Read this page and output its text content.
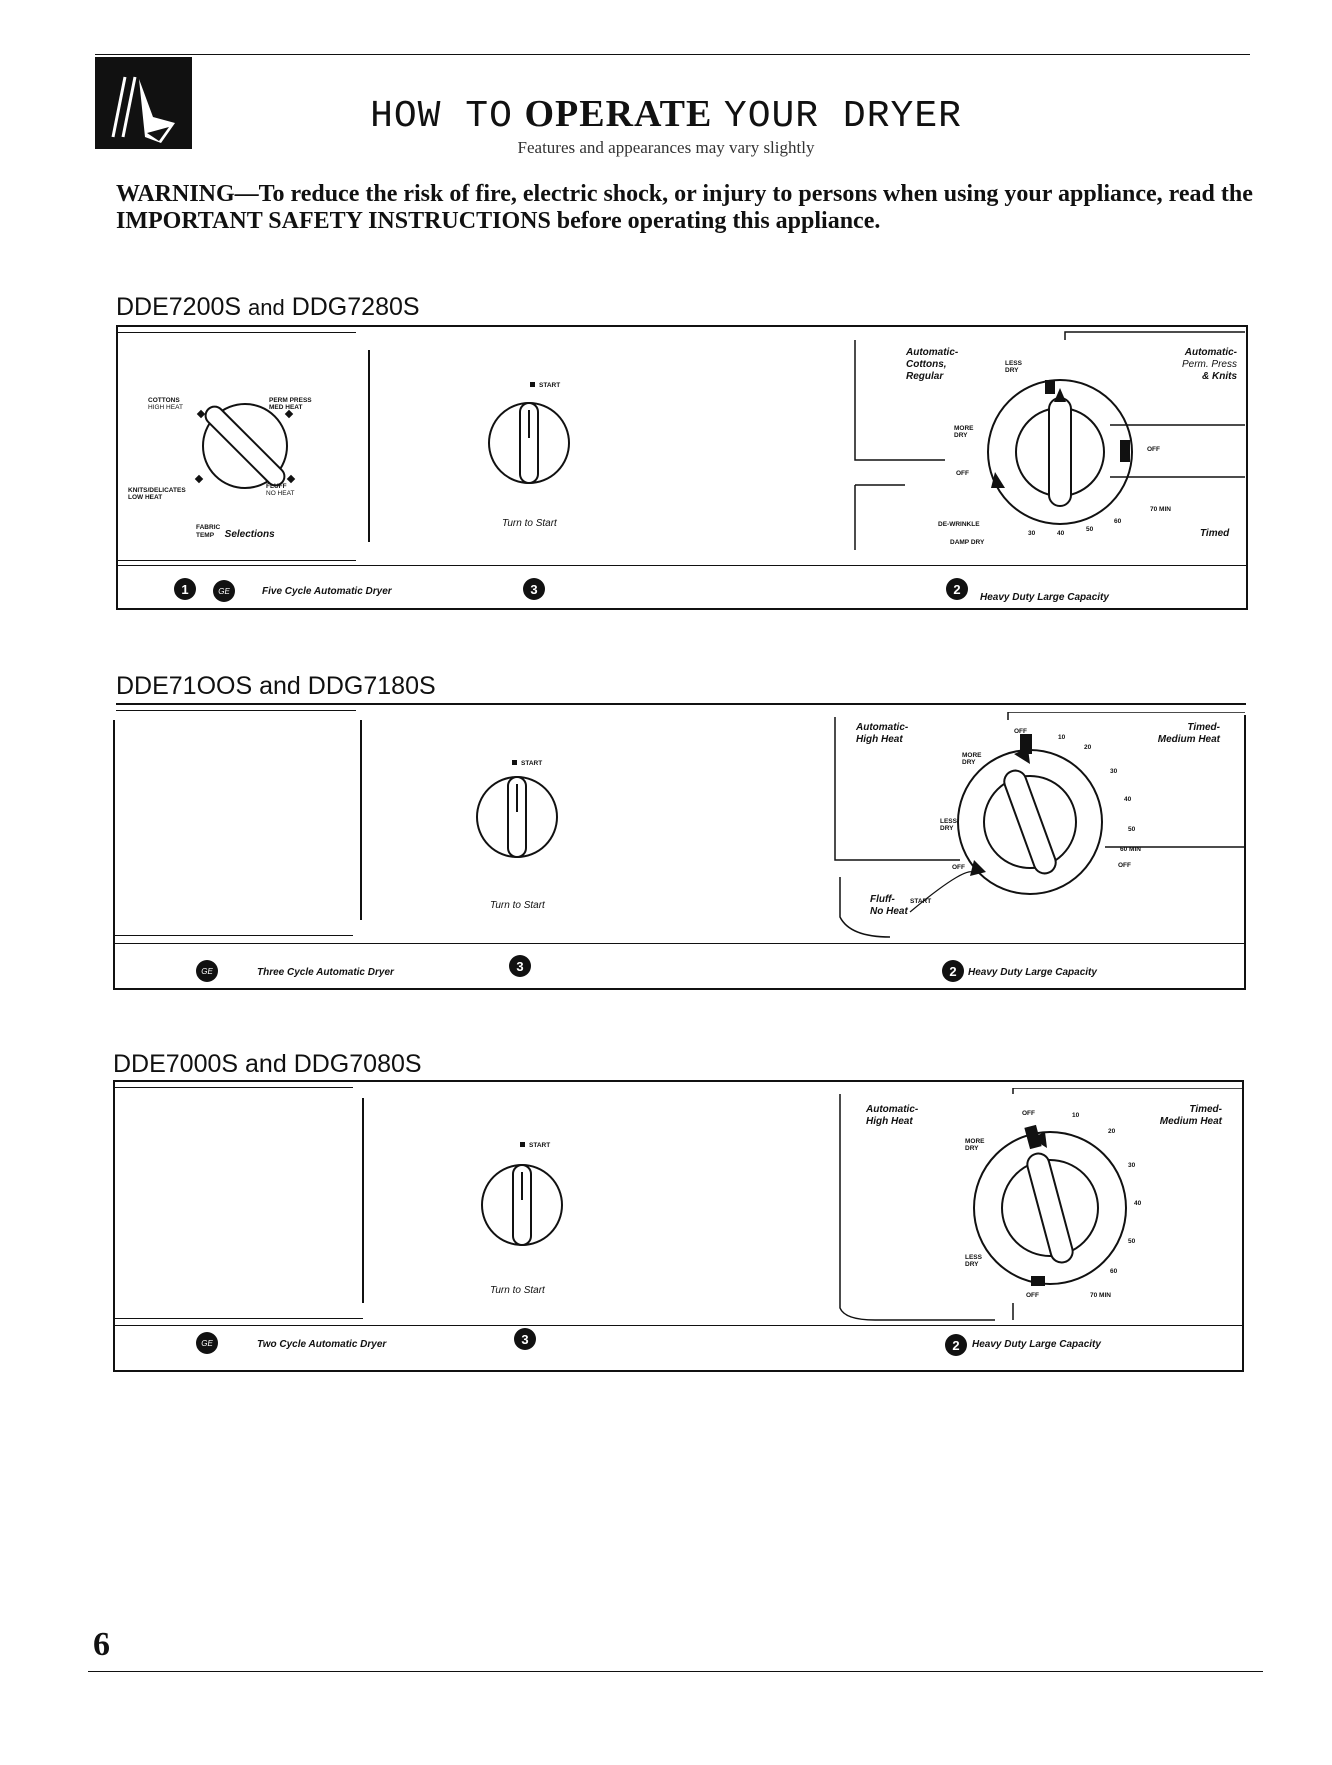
HOW TO OPERATE YOUR DRYER
Features and appearances may vary slightly
WARNING—To reduce the risk of fire, electric shock, or injury to persons when using your appliance, read the IMPORTANT SAFETY INSTRUCTIONS before operating this appliance.
DDE7200S and DDG7280S
COTTONS
HIGH HEAT
PERM PRESS
MED HEAT
KNITS/DELICATES
LOW HEAT
FLUFF
NO HEAT
FABRIC
TEMP Selections
START
Turn to Start
Automatic-
Cottons,
Regular
Automatic-
Perm. Press
& Knits
Timed
OFF
OFF
70 MIN
DE-WRINKLE
DAMP DRY
MORE DRY
LESS DRY
30	40
50
60
1	GE	Five Cycle Automatic Dryer	3	2
Heavy Duty Large Capacity
DDE71OOS and DDG7180S
START
Turn to Start
Automatic-
High Heat
Timed-
Medium Heat
Fluff-
No Heat
START
OFF
OFF
OFF
10
20
30
40
50
60 MIN
MORE DRY
LESS DRY
GE	Three Cycle Automatic Dryer	3	2	Heavy Duty Large Capacity
DDE7000S and DDG7080S
START
Turn to Start
Automatic-
High Heat
Timed-
Medium Heat
OFF
OFF
10
20
30
40
50
60
70 MIN
MORE DRY
LESS DRY
GE	Two Cycle Automatic Dryer	3	2	Heavy Duty Large Capacity
6
